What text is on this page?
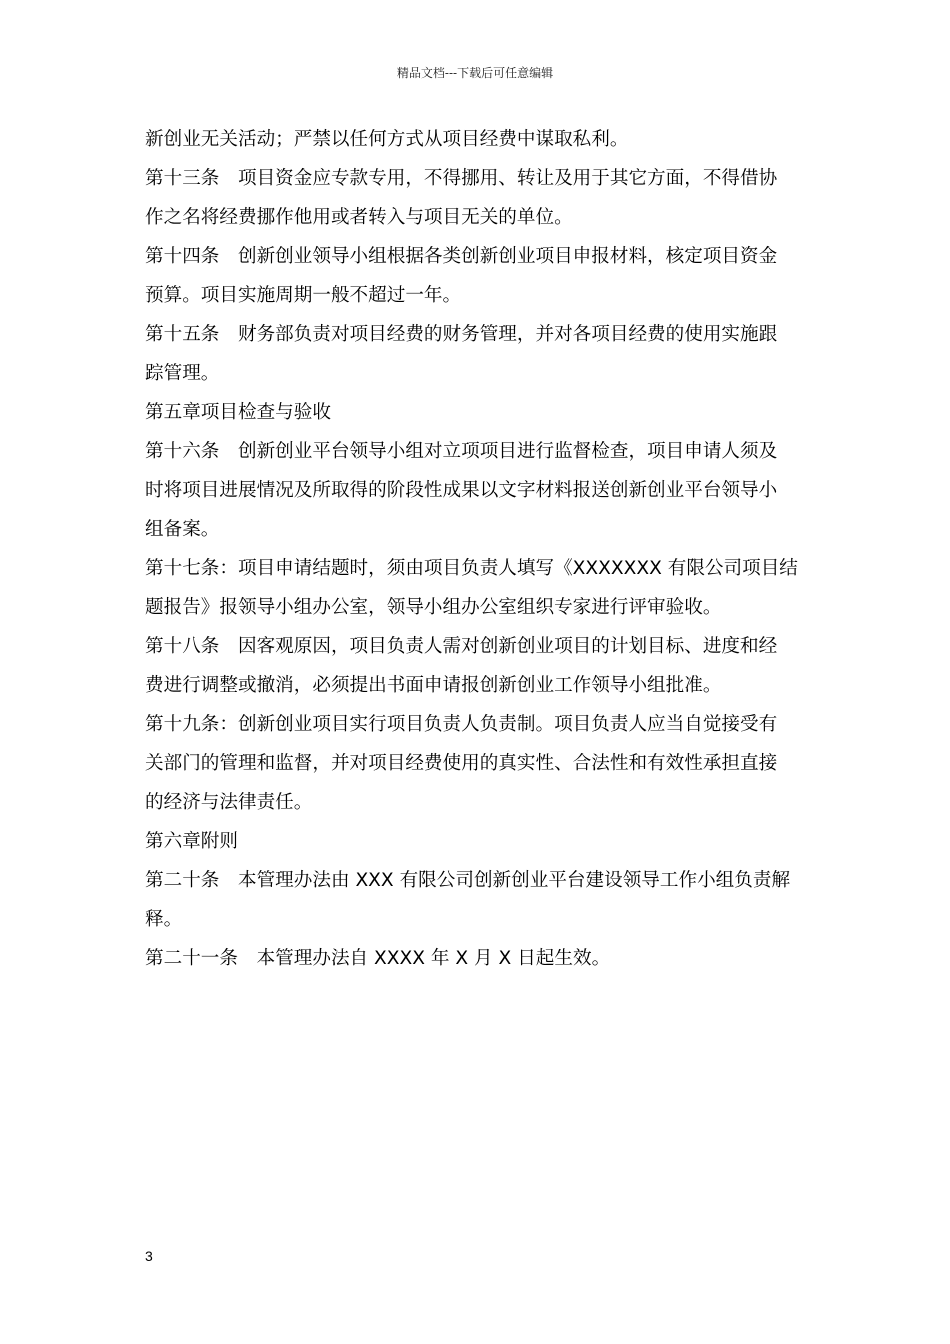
精品文档---下载后可任意编辑
新创业无关活动；严禁以任何方式从项目经费中谋取私利。
第十三条　项目资金应专款专用，不得挪用、转让及用于其它方面，不得借协
作之名将经费挪作他用或者转入与项目无关的单位。
第十四条　创新创业领导小组根据各类创新创业项目申报材料，核定项目资金
预算。项目实施周期一般不超过一年。
第十五条　财务部负责对项目经费的财务管理，并对各项目经费的使用实施跟
踪管理。
第五章项目检查与验收
第十六条　创新创业平台领导小组对立项项目进行监督检查，项目申请人须及
时将项目进展情况及所取得的阶段性成果以文字材料报送创新创业平台领导小
组备案。
第十七条：项目申请结题时，须由项目负责人填写《XXXXXXX 有限公司项目结
题报告》报领导小组办公室，领导小组办公室组织专家进行评审验收。
第十八条　因客观原因，项目负责人需对创新创业项目的计划目标、进度和经
费进行调整或撤消，必须提出书面申请报创新创业工作领导小组批准。
第十九条：创新创业项目实行项目负责人负责制。项目负责人应当自觉接受有
关部门的管理和监督，并对项目经费使用的真实性、合法性和有效性承担直接
的经济与法律责任。
第六章附则
第二十条　本管理办法由 XXX 有限公司创新创业平台建设领导工作小组负责解
释。
第二十一条　本管理办法自 XXXX 年 X 月 X 日起生效。
3
